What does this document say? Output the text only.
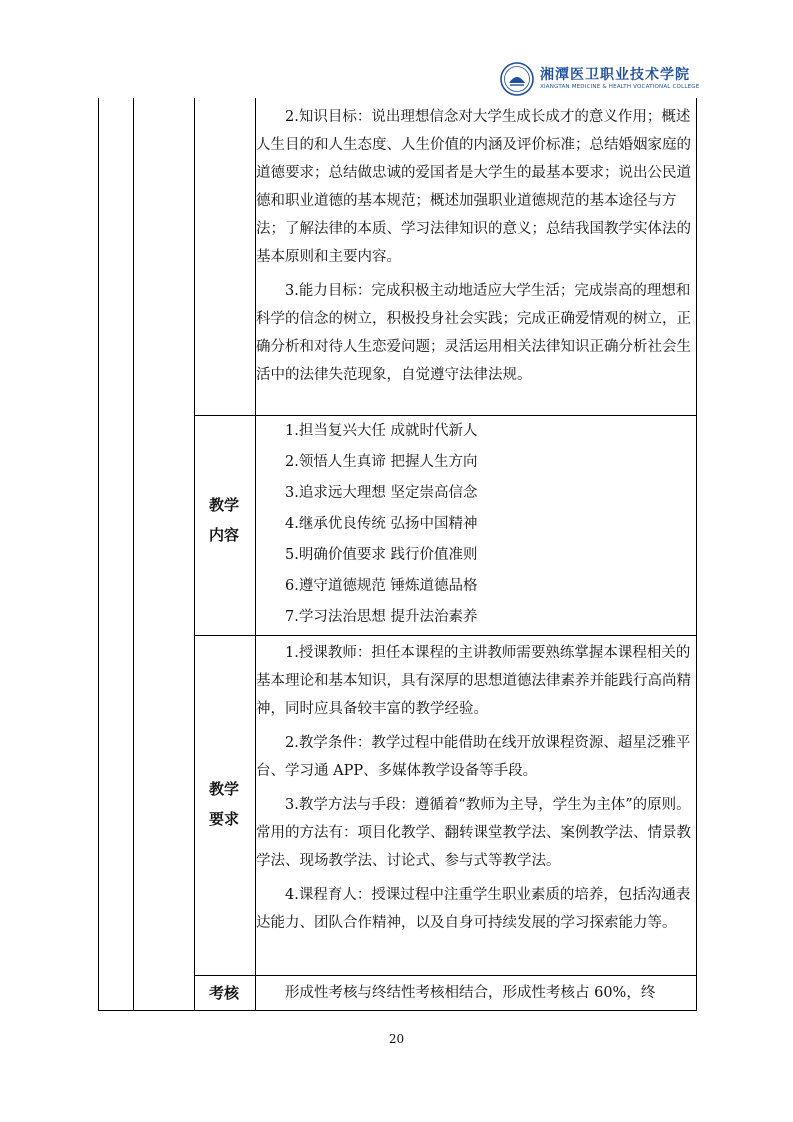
湘潭医卫职业技术学院
XIANGTAN MEDICINE & HEALTH VOCATIONAL COLLEGE

2.知识目标：说出理想信念对大学生成长成才的意义作用；概述人生目的和人生态度、人生价值的内涵及评价标准；总结婚姻家庭的道德要求；总结做忠诚的爱国者是大学生的最基本要求；说出公民道德和职业道德的基本规范；概述加强职业道德规范的基本途径与方法；了解法律的本质、学习法律知识的意义；总结我国教学实体法的基本原则和主要内容。

3.能力目标：完成积极主动地适应大学生活；完成崇高的理想和科学的信念的树立，积极投身社会实践；完成正确爱情观的树立，正确分析和对待人生恋爱问题；灵活运用相关法律知识正确分析社会生活中的法律失范现象，自觉遵守法律法规。

教学
内容
1.担当复兴大任 成就时代新人
2.领悟人生真谛 把握人生方向
3.追求远大理想 坚定崇高信念
4.继承优良传统 弘扬中国精神
5.明确价值要求 践行价值准则
6.遵守道德规范 锤炼道德品格
7.学习法治思想 提升法治素养
教学
要求

1.授课教师：担任本课程的主讲教师需要熟练掌握本课程相关的基本理论和基本知识，具有深厚的思想道德法律素养并能践行高尚精神，同时应具备较丰富的教学经验。

2.教学条件：教学过程中能借助在线开放课程资源、超星泛雅平台、学习通 APP、多媒体教学设备等手段。

3.教学方法与手段：遵循着“教师为主导，学生为主体”的原则。常用的方法有：项目化教学、翻转课堂教学法、案例教学法、情景教学法、现场教学法、讨论式、参与式等教学法。

4.课程育人：授课过程中注重学生职业素质的培养，包括沟通表达能力、团队合作精神，以及自身可持续发展的学习探索能力等。

考核	形成性考核与终结性考核相结合，形成性考核占 60%，终

20
